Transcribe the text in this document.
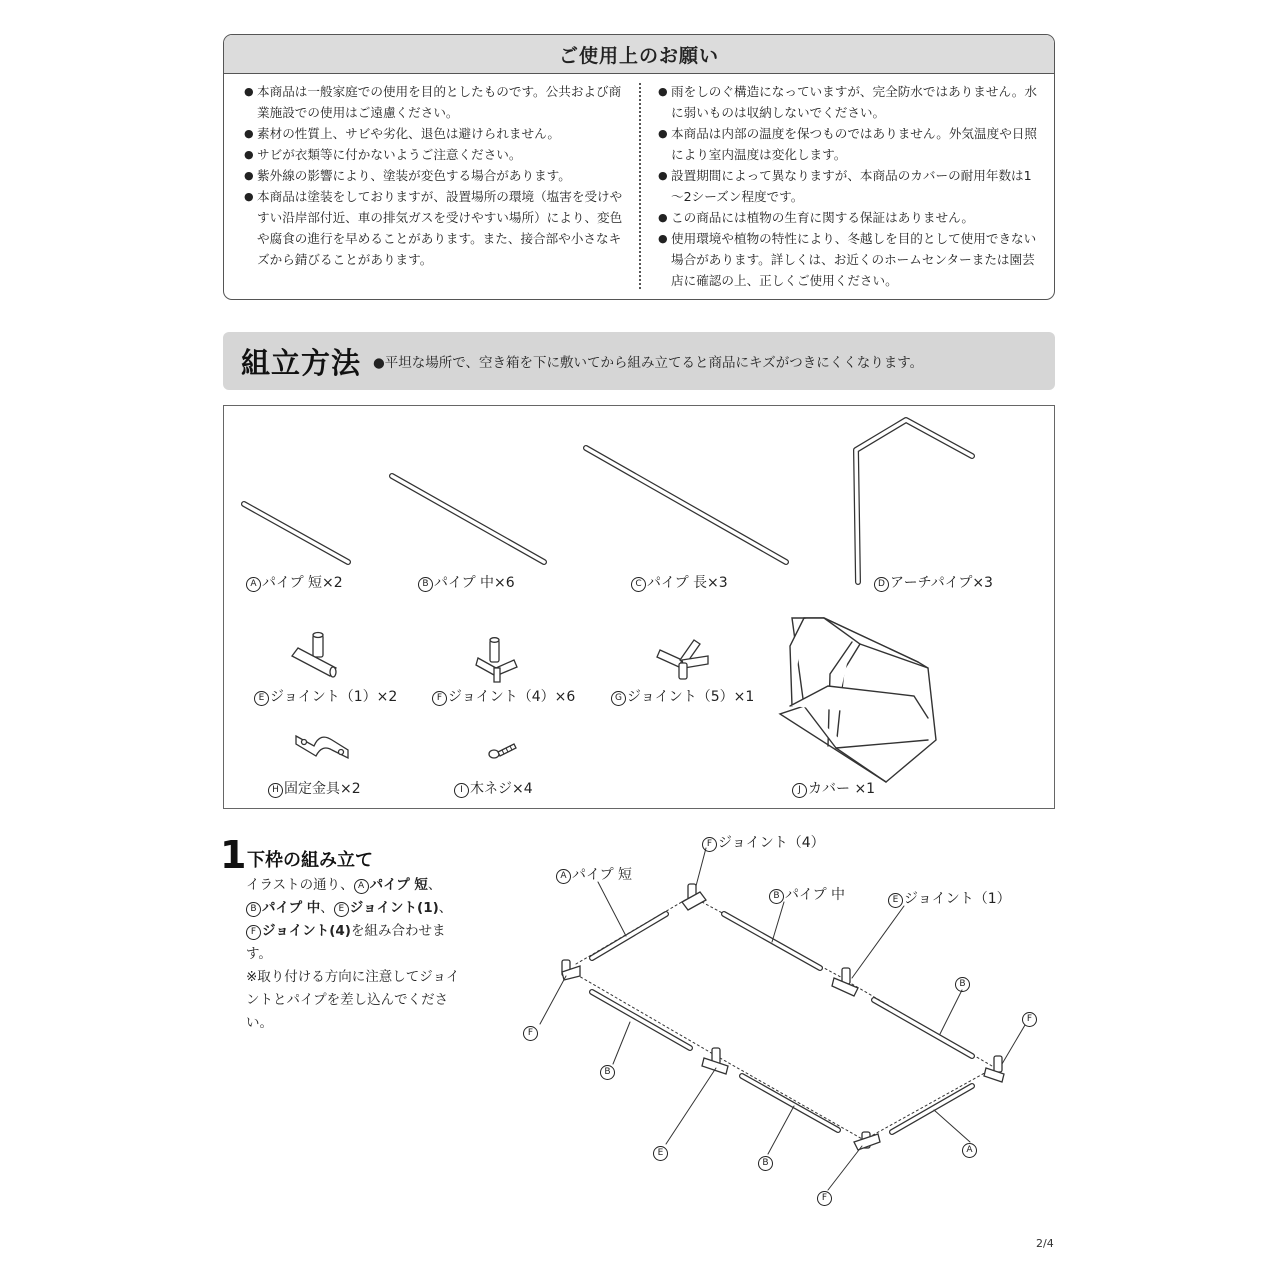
ご使用上のお願い
● 本商品は一般家庭での使用を目的としたものです。公共および商業施設での使用はご遠慮ください。
● 素材の性質上、サビや劣化、退色は避けられません。
● サビが衣類等に付かないようご注意ください。
● 紫外線の影響により、塗装が変色する場合があります。
● 本商品は塗装をしておりますが、設置場所の環境（塩害を受けやすい沿岸部付近、車の排気ガスを受けやすい場所）により、変色や腐食の進行を早めることがあります。また、接合部や小さなキズから錆びることがあります。
● 雨をしのぐ構造になっていますが、完全防水ではありません。水に弱いものは収納しないでください。
● 本商品は内部の温度を保つものではありません。外気温度や日照により室内温度は変化します。
● 設置期間によって異なりますが、本商品のカバーの耐用年数は1～2シーズン程度です。
● この商品には植物の生育に関する保証はありません。
● 使用環境や植物の特性により、冬越しを目的として使用できない場合があります。詳しくは、お近くのホームセンターまたは園芸店に確認の上、正しくご使用ください。
組立方法 ●平坦な場所で、空き箱を下に敷いてから組み立てると商品にキズがつきにくくなります。
A パイプ 短×2	B パイプ 中×6	C パイプ 長×3	D アーチパイプ×3
E ジョイント（1）×2	F ジョイント（4）×6	G ジョイント（5）×1
H 固定金具×2	I 木ネジ×4	J カバー ×1
1 下枠の組み立て
イラストの通り、 A パイプ 短、
B パイプ 中、 E ジョイント(1)、
F ジョイント(4)を組み合わせます。
※取り付ける方向に注意してジョイントとパイプを差し込んでください。
F ジョイント（4）
A パイプ 短
B パイプ 中	E ジョイント（1）
B
F
F
B
E
B
F
A
2/4
